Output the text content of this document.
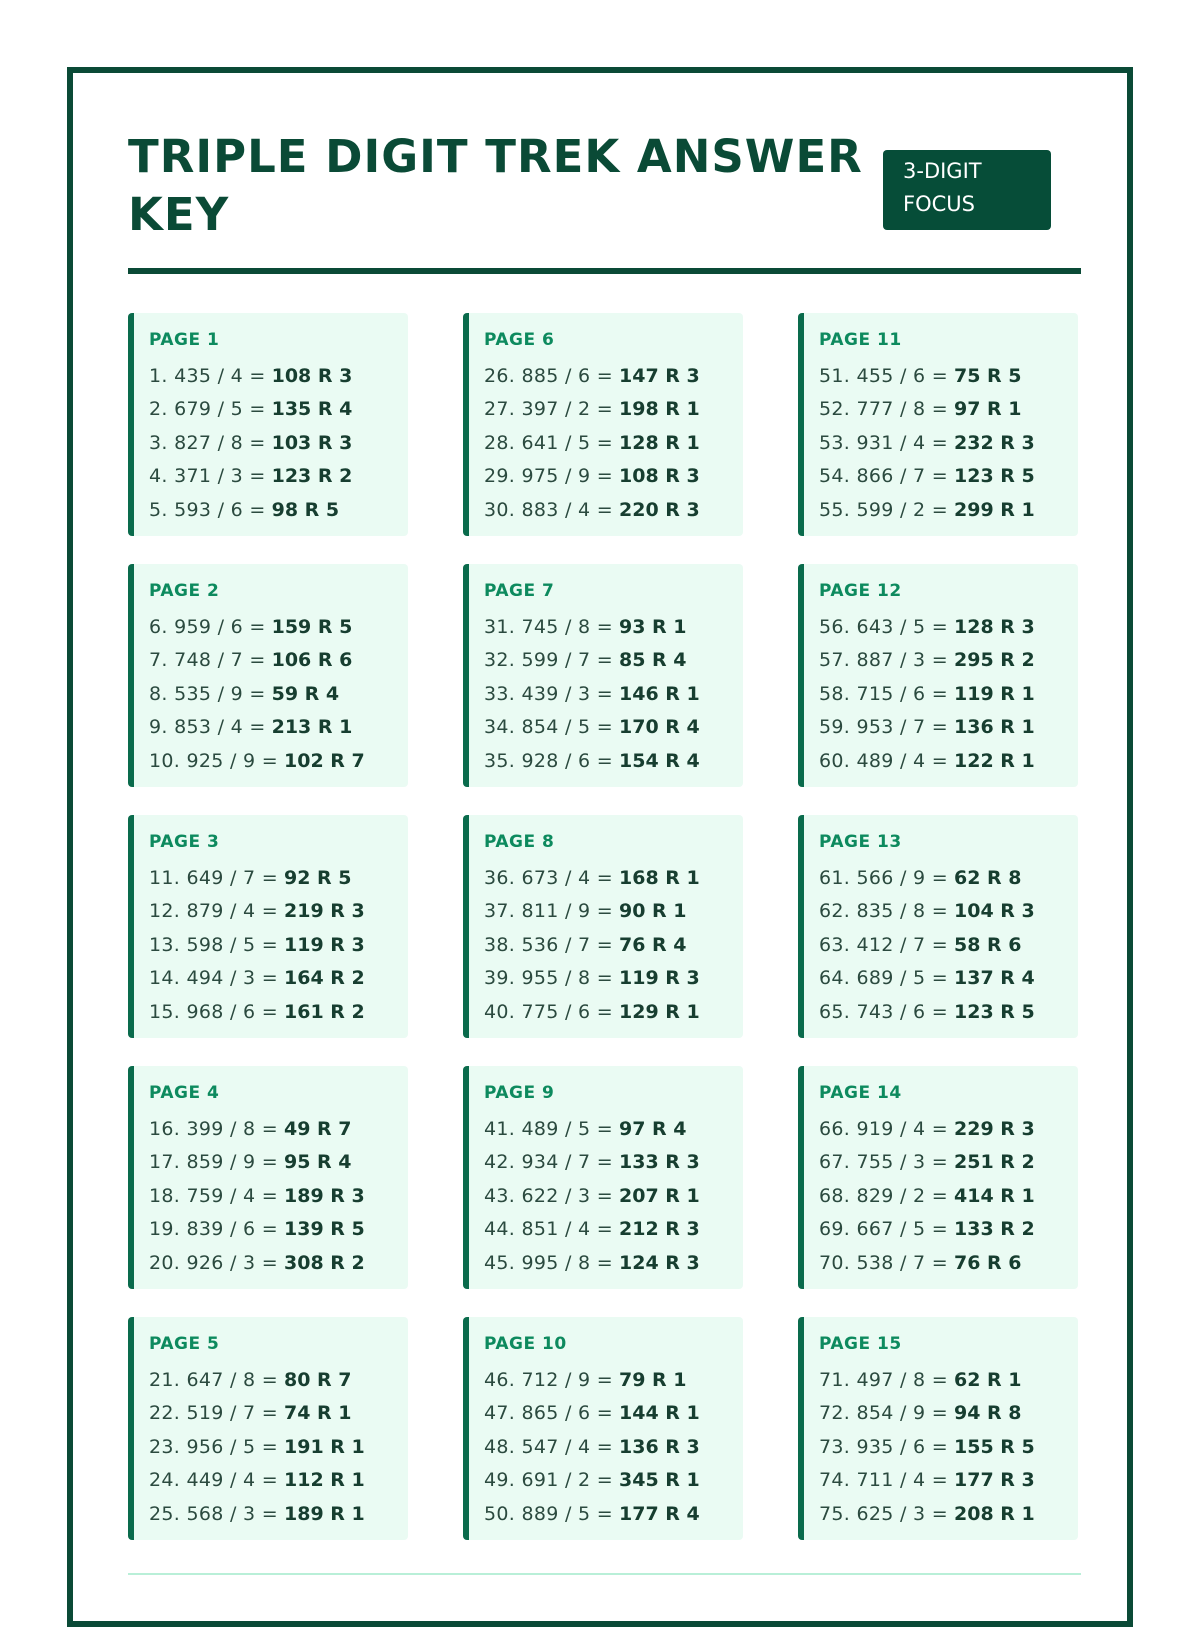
TRIPLE DIGIT TREK ANSWER KEY
3-DIGIT FOCUS
PAGE 1
1. 435 / 4 = 108 R 3
2. 679 / 5 = 135 R 4
3. 827 / 8 = 103 R 3
4. 371 / 3 = 123 R 2
5. 593 / 6 = 98 R 5
PAGE 6
26. 885 / 6 = 147 R 3
27. 397 / 2 = 198 R 1
28. 641 / 5 = 128 R 1
29. 975 / 9 = 108 R 3
30. 883 / 4 = 220 R 3
PAGE 11
51. 455 / 6 = 75 R 5
52. 777 / 8 = 97 R 1
53. 931 / 4 = 232 R 3
54. 866 / 7 = 123 R 5
55. 599 / 2 = 299 R 1
PAGE 2
6. 959 / 6 = 159 R 5
7. 748 / 7 = 106 R 6
8. 535 / 9 = 59 R 4
9. 853 / 4 = 213 R 1
10. 925 / 9 = 102 R 7
PAGE 7
31. 745 / 8 = 93 R 1
32. 599 / 7 = 85 R 4
33. 439 / 3 = 146 R 1
34. 854 / 5 = 170 R 4
35. 928 / 6 = 154 R 4
PAGE 12
56. 643 / 5 = 128 R 3
57. 887 / 3 = 295 R 2
58. 715 / 6 = 119 R 1
59. 953 / 7 = 136 R 1
60. 489 / 4 = 122 R 1
PAGE 3
11. 649 / 7 = 92 R 5
12. 879 / 4 = 219 R 3
13. 598 / 5 = 119 R 3
14. 494 / 3 = 164 R 2
15. 968 / 6 = 161 R 2
PAGE 8
36. 673 / 4 = 168 R 1
37. 811 / 9 = 90 R 1
38. 536 / 7 = 76 R 4
39. 955 / 8 = 119 R 3
40. 775 / 6 = 129 R 1
PAGE 13
61. 566 / 9 = 62 R 8
62. 835 / 8 = 104 R 3
63. 412 / 7 = 58 R 6
64. 689 / 5 = 137 R 4
65. 743 / 6 = 123 R 5
PAGE 4
16. 399 / 8 = 49 R 7
17. 859 / 9 = 95 R 4
18. 759 / 4 = 189 R 3
19. 839 / 6 = 139 R 5
20. 926 / 3 = 308 R 2
PAGE 9
41. 489 / 5 = 97 R 4
42. 934 / 7 = 133 R 3
43. 622 / 3 = 207 R 1
44. 851 / 4 = 212 R 3
45. 995 / 8 = 124 R 3
PAGE 14
66. 919 / 4 = 229 R 3
67. 755 / 3 = 251 R 2
68. 829 / 2 = 414 R 1
69. 667 / 5 = 133 R 2
70. 538 / 7 = 76 R 6
PAGE 5
21. 647 / 8 = 80 R 7
22. 519 / 7 = 74 R 1
23. 956 / 5 = 191 R 1
24. 449 / 4 = 112 R 1
25. 568 / 3 = 189 R 1
PAGE 10
46. 712 / 9 = 79 R 1
47. 865 / 6 = 144 R 1
48. 547 / 4 = 136 R 3
49. 691 / 2 = 345 R 1
50. 889 / 5 = 177 R 4
PAGE 15
71. 497 / 8 = 62 R 1
72. 854 / 9 = 94 R 8
73. 935 / 6 = 155 R 5
74. 711 / 4 = 177 R 3
75. 625 / 3 = 208 R 1
